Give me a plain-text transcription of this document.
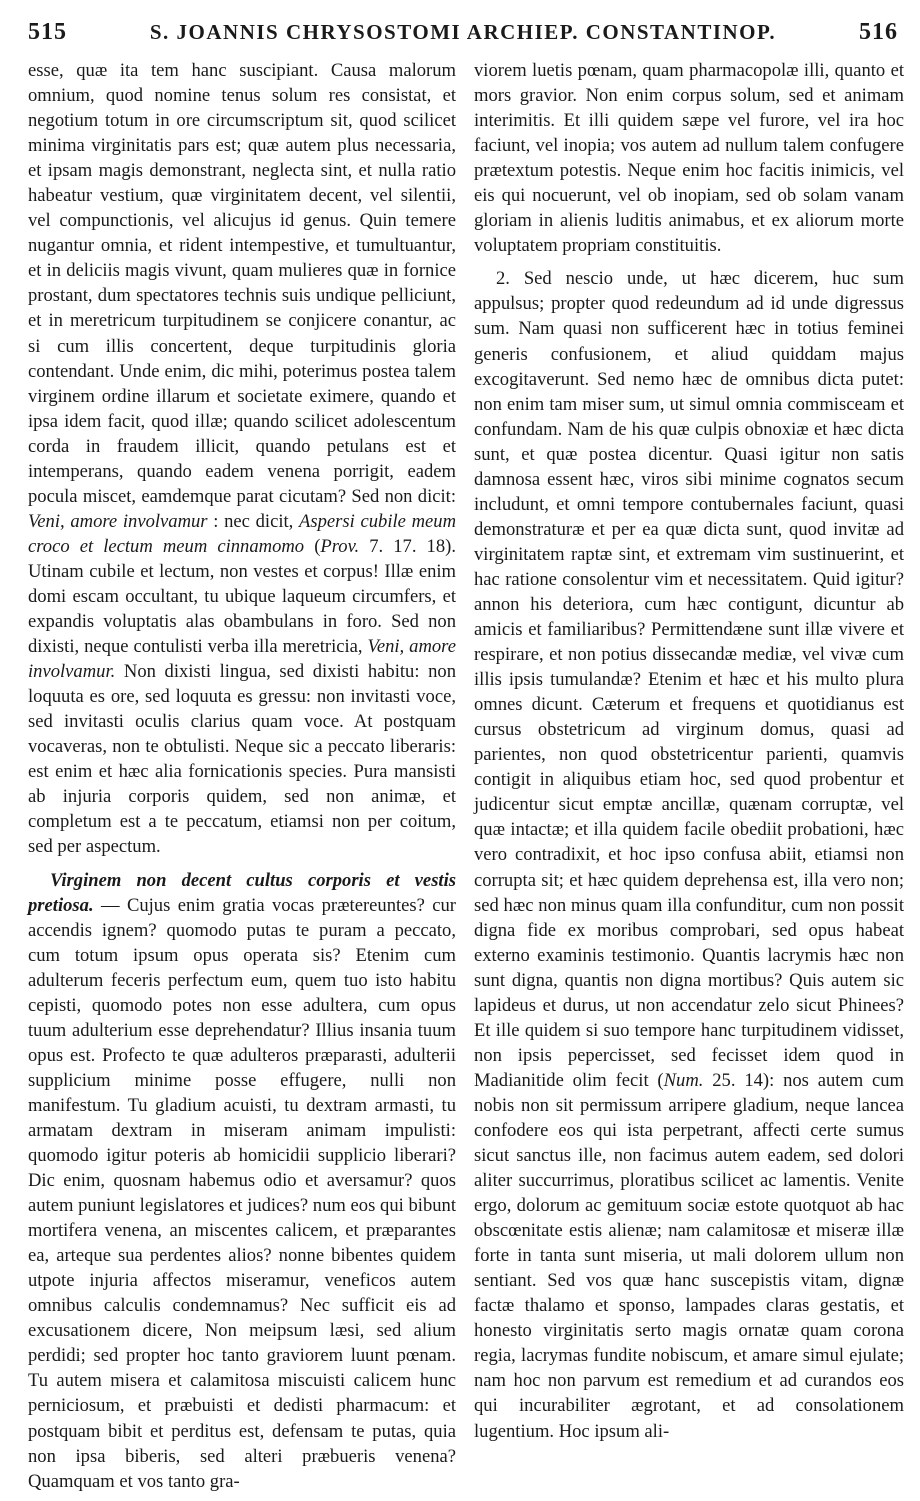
515	S. JOANNIS CHRYSOSTOMI ARCHIEP. CONSTANTINOP.	516

esse, quæ ita tem hanc suscipiant. Causa malorum omnium, quod nomine tenus solum res consistat, et negotium totum in ore circumscriptum sit, quod scilicet minima virginitatis pars est; quæ autem plus necessaria, et ipsam magis demonstrant, neglecta sint, et nulla ratio habeatur vestium, quæ virginitatem decent, vel silentii, vel compunctionis, vel alicujus id genus. Quin temere nugantur omnia, et rident intempestive, et tumultuantur, et in deliciis magis vivunt, quam mulieres quæ in fornice prostant, dum spectatores technis suis undique pelliciunt, et in meretricum turpitudinem se conjicere conantur, ac si cum illis concertent, deque turpitudinis gloria contendant. Unde enim, dic mihi, poterimus postea talem virginem ordine illarum et societate eximere, quando et ipsa idem facit, quod illæ; quando scilicet adolescentum corda in fraudem illicit, quando petulans est et intemperans, quando eadem venena porrigit, eadem pocula miscet, eamdemque parat cicutam? Sed non dicit: Veni, amore involvamur : nec dicit, Aspersi cubile meum croco et lectum meum cinnamomo (Prov. 7. 17. 18). Utinam cubile et lectum, non vestes et corpus! Illæ enim domi escam occultant, tu ubique laqueum circumfers, et expandis voluptatis alas obambulans in foro. Sed non dixisti, neque contulisti verba illa meretricia, Veni, amore involvamur. Non dixisti lingua, sed dixisti habitu: non loquuta es ore, sed loquuta es gressu: non invitasti voce, sed invitasti oculis clarius quam voce. At postquam vocaveras, non te obtulisti. Neque sic a peccato liberaris: est enim et hæc alia fornicationis species. Pura mansisti ab injuria corporis quidem, sed non animæ, et completum est a te peccatum, etiamsi non per coitum, sed per aspectum.

Virginem non decent cultus corporis et vestis pretiosa. — Cujus enim gratia vocas prætereuntes? cur accendis ignem? quomodo putas te puram a peccato, cum totum ipsum opus operata sis? Etenim cum adulterum feceris perfectum eum, quem tuo isto habitu cepisti, quomodo potes non esse adultera, cum opus tuum adulterium esse deprehendatur? Illius insania tuum opus est. Profecto te quæ adulteros præparasti, adulterii supplicium minime posse effugere, nulli non manifestum. Tu gladium acuisti, tu dextram armasti, tu armatam dextram in miseram animam impulisti: quomodo igitur poteris ab homicidii supplicio liberari? Dic enim, quosnam habemus odio et aversamur? quos autem puniunt legislatores et judices? num eos qui bibunt mortifera venena, an miscentes calicem, et præparantes ea, arteque sua perdentes alios? nonne bibentes quidem utpote injuria affectos miseramur, veneficos autem omnibus calculis condemnamus? Nec sufficit eis ad excusationem dicere, Non meipsum læsi, sed alium perdidi; sed propter hoc tanto graviorem luunt pœnam. Tu autem misera et calamitosa miscuisti calicem hunc perniciosum, et præbuisti et dedisti pharmacum: et postquam bibit et perditus est, defensam te putas, quia non ipsa biberis, sed alteri præbueris venena? Quamquam et vos tanto gra-

viorem luetis pœnam, quam pharmacopolæ illi, quanto et mors gravior. Non enim corpus solum, sed et animam interimitis. Et illi quidem sæpe vel furore, vel ira hoc faciunt, vel inopia; vos autem ad nullum talem confugere prætextum potestis. Neque enim hoc facitis inimicis, vel eis qui nocuerunt, vel ob inopiam, sed ob solam vanam gloriam in alienis luditis animabus, et ex aliorum morte voluptatem propriam constituitis.

2. Sed nescio unde, ut hæc dicerem, huc sum appulsus; propter quod redeundum ad id unde digressus sum. Nam quasi non sufficerent hæc in totius feminei generis confusionem, et aliud quiddam majus excogitaverunt. Sed nemo hæc de omnibus dicta putet: non enim tam miser sum, ut simul omnia commisceam et confundam. Nam de his quæ culpis obnoxiæ et hæc dicta sunt, et quæ postea dicentur. Quasi igitur non satis damnosa essent hæc, viros sibi minime cognatos secum includunt, et omni tempore contubernales faciunt, quasi demonstraturæ et per ea quæ dicta sunt, quod invitæ ad virginitatem raptæ sint, et extremam vim sustinuerint, et hac ratione consolentur vim et necessitatem. Quid igitur? annon his deteriora, cum hæc contigunt, dicuntur ab amicis et familiaribus? Permittendæne sunt illæ vivere et respirare, et non potius dissecandæ mediæ, vel vivæ cum illis ipsis tumulandæ? Etenim et hæc et his multo plura omnes dicunt. Cæterum et frequens et quotidianus est cursus obstetricum ad virginum domus, quasi ad parientes, non quod obstetricentur parienti, quamvis contigit in aliquibus etiam hoc, sed quod probentur et judicentur sicut emptæ ancillæ, quænam corruptæ, vel quæ intactæ; et illa quidem facile obediit probationi, hæc vero contradixit, et hoc ipso confusa abiit, etiamsi non corrupta sit; et hæc quidem deprehensa est, illa vero non; sed hæc non minus quam illa confunditur, cum non possit digna fide ex moribus comprobari, sed opus habeat externo examinis testimonio. Quantis lacrymis hæc non sunt digna, quantis non digna mortibus? Quis autem sic lapideus et durus, ut non accendatur zelo sicut Phinees? Et ille quidem si suo tempore hanc turpitudinem vidisset, non ipsis pepercisset, sed fecisset idem quod in Madianitide olim fecit (Num. 25. 14): nos autem cum nobis non sit permissum arripere gladium, neque lancea confodere eos qui ista perpetrant, affecti certe sumus sicut sanctus ille, non facimus autem eadem, sed dolori aliter succurrimus, ploratibus scilicet ac lamentis. Venite ergo, dolorum ac gemituum sociæ estote quotquot ab hac obscœnitate estis alienæ; nam calamitosæ et miseræ illæ forte in tanta sunt miseria, ut mali dolorem ullum non sentiant. Sed vos quæ hanc suscepistis vitam, dignæ factæ thalamo et sponso, lampades claras gestatis, et honesto virginitatis serto magis ornatæ quam corona regia, lacrymas fundite nobiscum, et amare simul ejulate; nam hoc non parvum est remedium et ad curandos eos qui incurabiliter ægrotant, et ad consolationem lugentium. Hoc ipsum ali-
